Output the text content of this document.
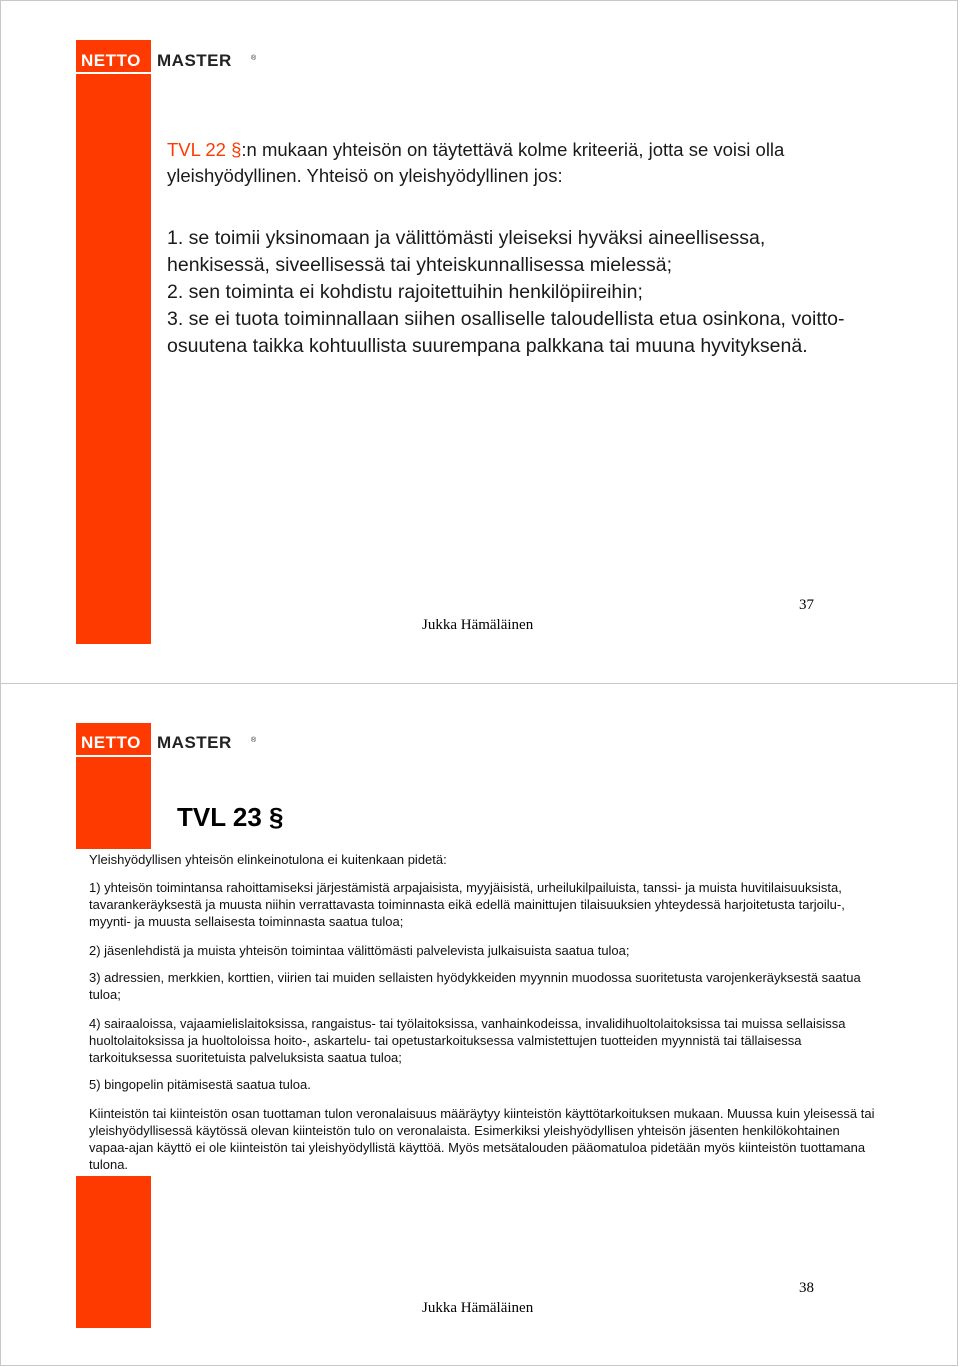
NETTO MASTER	®
TVL 22 §:n mukaan yhteisön on täytettävä kolme kriteeriä, jotta se voisi olla yleishyödyllinen. Yhteisö on yleishyödyllinen jos:
1. se toimii yksinomaan ja välittömästi yleiseksi hyväksi aineellisessa, henkisessä, siveellisessä tai yhteiskunnallisessa mielessä;
2. sen toiminta ei kohdistu rajoitettuihin henkilöpiireihin;
3. se ei tuota toiminnallaan siihen osalliselle taloudellista etua osinkona, voitto-osuutena taikka kohtuullista suurempana palkkana tai muuna hyvityksenä.
37
Jukka Hämäläinen
NETTO MASTER	®
TVL 23 §
Yleishyödyllisen yhteisön elinkeinotulona ei kuitenkaan pidetä:
1) yhteisön toimintansa rahoittamiseksi järjestämistä arpajaisista, myyjäisistä, urheilukilpailuista, tanssi- ja muista huvitilaisuuksista, tavarankeräyksestä ja muusta niihin verrattavasta toiminnasta eikä edellä mainittujen tilaisuuksien yhteydessä harjoitetusta tarjoilu-, myynti- ja muusta sellaisesta toiminnasta saatua tuloa;
2) jäsenlehdistä ja muista yhteisön toimintaa välittömästi palvelevista julkaisuista saatua tuloa;
3) adressien, merkkien, korttien, viirien tai muiden sellaisten hyödykkeiden myynnin muodossa suoritetusta varojenkeräyksestä saatua tuloa;
4) sairaaloissa, vajaamielislaitoksissa, rangaistus- tai työlaitoksissa, vanhainkodeissa, invalidihuoltolaitoksissa tai muissa sellaisissa huoltolaitoksissa ja huoltoloissa hoito-, askartelu- tai opetustarkoituksessa valmistettujen tuotteiden myynnistä tai tällaisessa tarkoituksessa suoritetuista palveluksista saatua tuloa;
5) bingopelin pitämisestä saatua tuloa.
Kiinteistön tai kiinteistön osan tuottaman tulon veronalaisuus määräytyy kiinteistön käyttötarkoituksen mukaan. Muussa kuin yleisessä tai yleishyödyllisessä käytössä olevan kiinteistön tulo on veronalaista. Esimerkiksi yleishyödyllisen yhteisön jäsenten henkilökohtainen vapaa-ajan käyttö ei ole kiinteistön tai yleishyödyllistä käyttöä. Myös metsätalouden pääomatuloa pidetään myös kiinteistön tuottamana tulona.
38
Jukka Hämäläinen
